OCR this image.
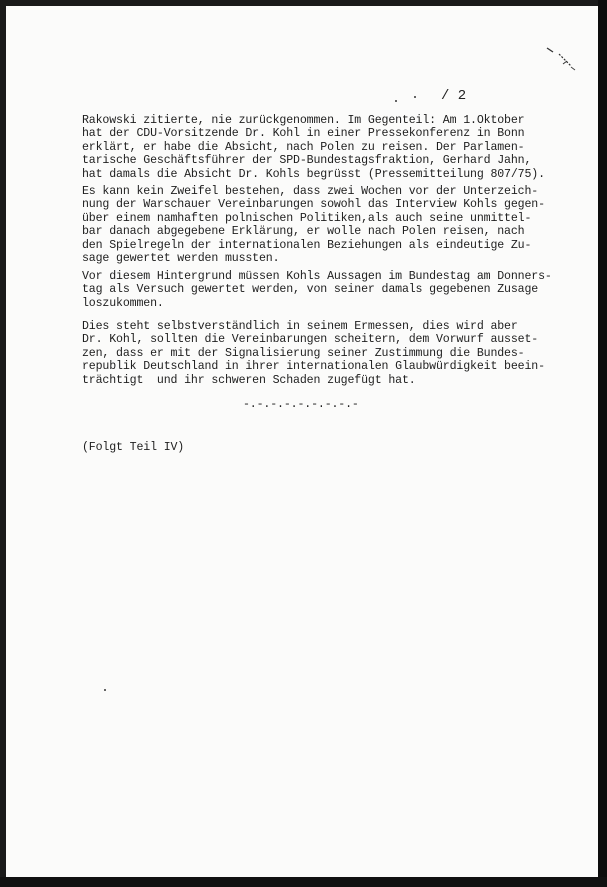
/ 2
Rakowski zitierte, nie zurückgenommen. Im Gegenteil: Am 1.Oktober
hat der CDU-Vorsitzende Dr. Kohl in einer Pressekonferenz in Bonn
erklärt, er habe die Absicht, nach Polen zu reisen. Der Parlamen-
tarische Geschäftsführer der SPD-Bundestagsfraktion, Gerhard Jahn,
hat damals die Absicht Dr. Kohls begrüsst (Pressemitteilung 807/75).
Es kann kein Zweifel bestehen, dass zwei Wochen vor der Unterzeich-
nung der Warschauer Vereinbarungen sowohl das Interview Kohls gegen-
über einem namhaften polnischen Politiken,als auch seine unmittel-
bar danach abgegebene Erklärung, er wolle nach Polen reisen, nach
den Spielregeln der internationalen Beziehungen als eindeutige Zu-
sage gewertet werden mussten.
Vor diesem Hintergrund müssen Kohls Aussagen im Bundestag am Donners-
tag als Versuch gewertet werden, von seiner damals gegebenen Zusage
loszukommen.
Dies steht selbstverständlich in seinem Ermessen, dies wird aber
Dr. Kohl, sollten die Vereinbarungen scheitern, dem Vorwurf ausset-
zen, dass er mit der Signalisierung seiner Zustimmung die Bundes-
republik Deutschland in ihrer internationalen Glaubwürdigkeit beein-
trächtigt  und ihr schweren Schaden zugefügt hat.
-.-.-.-.-.-.-.-.-
(Folgt Teil IV)
